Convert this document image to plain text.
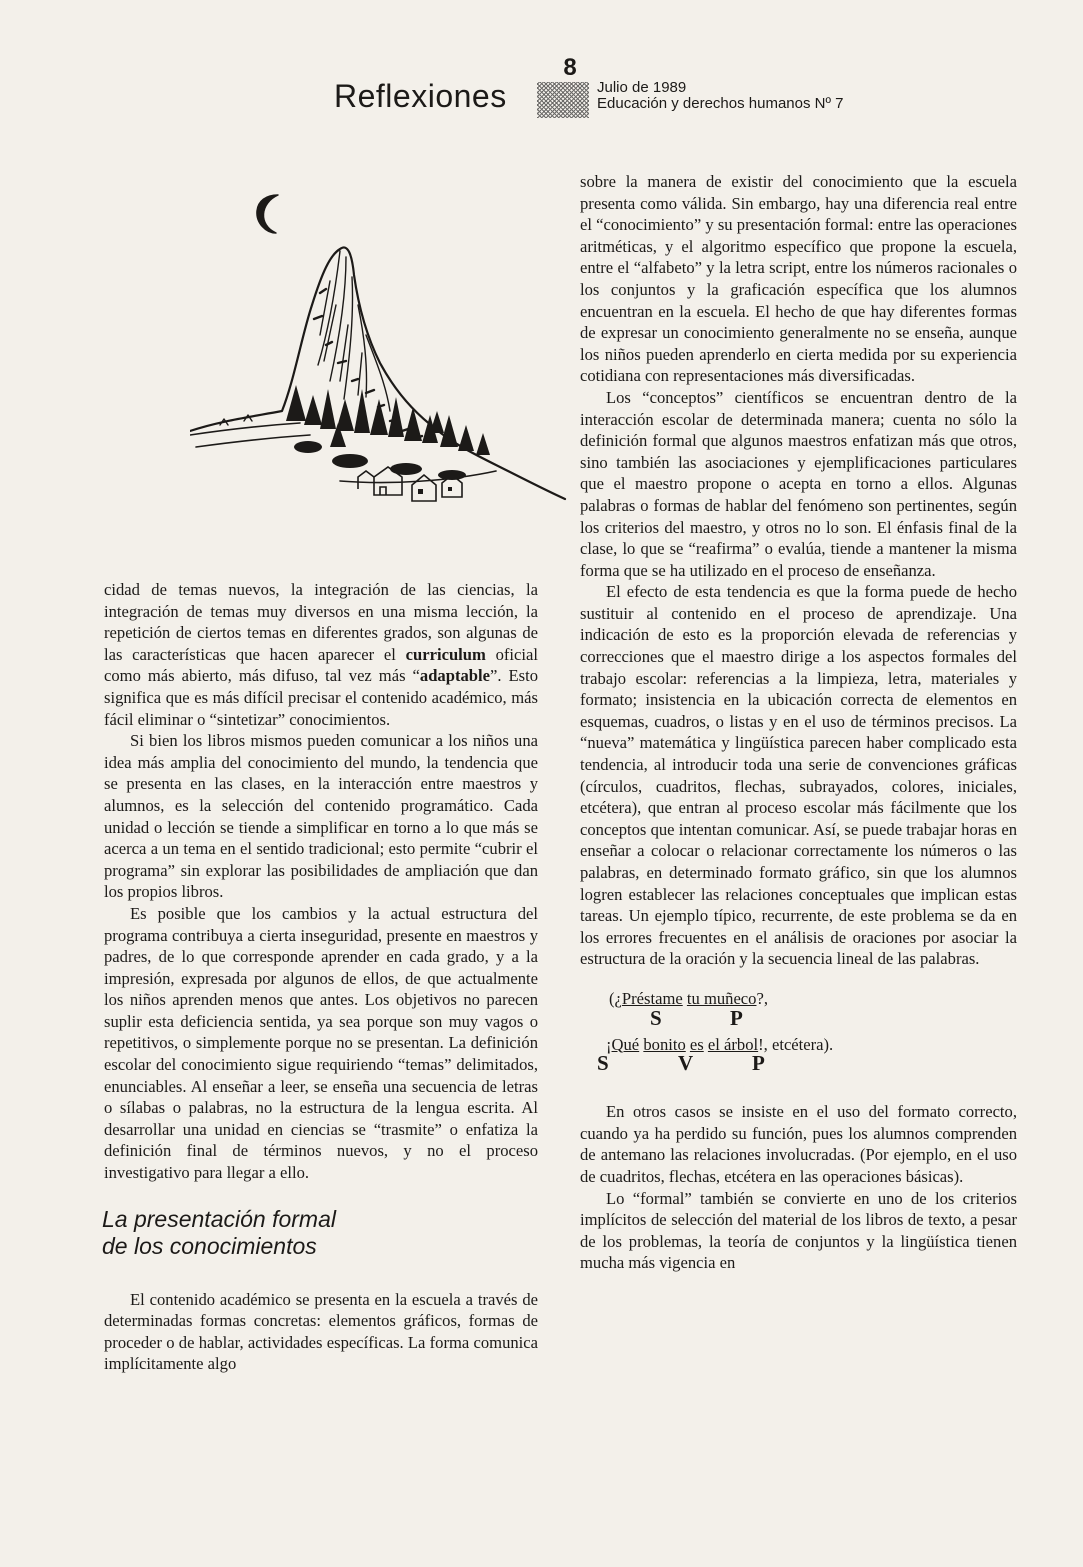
8
Reflexiones	Julio de 1989
Educación y derechos humanos Nº 7

cidad de temas nuevos, la integración de las ciencias, la integración de temas muy diversos en una misma lección, la repetición de ciertos temas en diferentes grados, son algunas de las características que hacen aparecer el curriculum oficial como más abierto, más difuso, tal vez más “adaptable”. Esto significa que es más difícil precisar el contenido académico, más fácil eliminar o “sintetizar” conocimientos.

Si bien los libros mismos pueden comunicar a los niños una idea más amplia del conocimiento del mundo, la tendencia que se presenta en las clases, en la interacción entre maestros y alumnos, es la selección del contenido programático. Cada unidad o lección se tiende a simplificar en torno a lo que más se acerca a un tema en el sentido tradicional; esto permite “cubrir el programa” sin explorar las posibilidades de ampliación que dan los propios libros.

Es posible que los cambios y la actual estructura del programa contribuya a cierta inseguridad, presente en maestros y padres, de lo que corresponde aprender en cada grado, y a la impresión, expresada por algunos de ellos, de que actualmente los niños aprenden menos que antes. Los objetivos no parecen suplir esta deficiencia sentida, ya sea porque son muy vagos o repetitivos, o simplemente porque no se presentan. La definición escolar del conocimiento sigue requiriendo “temas” delimitados, enunciables. Al enseñar a leer, se enseña una secuencia de letras o sílabas o palabras, no la estructura de la lengua escrita. Al desarrollar una unidad en ciencias se “trasmite” o enfatiza la definición final de términos nuevos, y no el proceso investigativo para llegar a ello.

La presentación formal
de los conocimientos

El contenido académico se presenta en la escuela a través de determinadas formas concretas: elementos gráficos, formas de proceder o de hablar, actividades específicas. La forma comunica implícitamente algo

sobre la manera de existir del conocimiento que la escuela presenta como válida. Sin embargo, hay una diferencia real entre el “conocimiento” y su presentación formal: entre las operaciones aritméticas, y el algoritmo específico que propone la escuela, entre el “alfabeto” y la letra script, entre los números racionales o los conjuntos y la graficación específica que los alumnos encuentran en la escuela. El hecho de que hay diferentes formas de expresar un conocimiento generalmente no se enseña, aunque los niños pueden aprenderlo en cierta medida por su experiencia cotidiana con representaciones más diversificadas.

Los “conceptos” científicos se encuentran dentro de la interacción escolar de determinada manera; cuenta no sólo la definición formal que algunos maestros enfatizan más que otros, sino también las asociaciones y ejemplificaciones particulares que el maestro propone o acepta en torno a ellos. Algunas palabras o formas de hablar del fenómeno son pertinentes, según los criterios del maestro, y otros no lo son. El énfasis final de la clase, lo que se “reafirma” o evalúa, tiende a mantener la misma forma que se ha utilizado en el proceso de enseñanza.

El efecto de esta tendencia es que la forma puede de hecho sustituir al contenido en el proceso de aprendizaje. Una indicación de esto es la proporción elevada de referencias y correcciones que el maestro dirige a los aspectos formales del trabajo escolar: referencias a la limpieza, letra, materiales y formato; insistencia en la ubicación correcta de elementos en esquemas, cuadros, o listas y en el uso de términos precisos. La “nueva” matemática y lingüística parecen haber complicado esta tendencia, al introducir toda una serie de convenciones gráficas (círculos, cuadritos, flechas, subrayados, colores, iniciales, etcétera), que entran al proceso escolar más fácilmente que los conceptos que intentan comunicar. Así, se puede trabajar horas en enseñar a colocar o relacionar correctamente los números o las palabras, en determinado formato gráfico, sin que los alumnos logren establecer las relaciones conceptuales que implican estas tareas. Un ejemplo típico, recurrente, de este problema se da en los errores frecuentes en el análisis de oraciones por asociar la estructura de la oración y la secuencia lineal de las palabras.

(¿Préstame tu muñeco?,
S	P
¡Qué bonito es el árbol!, etcétera).
S	V	P

En otros casos se insiste en el uso del formato correcto, cuando ya ha perdido su función, pues los alumnos comprenden de antemano las relaciones involucradas. (Por ejemplo, en el uso de cuadritos, flechas, etcétera en las operaciones básicas).

Lo “formal” también se convierte en uno de los criterios implícitos de selección del material de los libros de texto, a pesar de los problemas, la teoría de conjuntos y la lingüística tienen mucha más vigencia en
